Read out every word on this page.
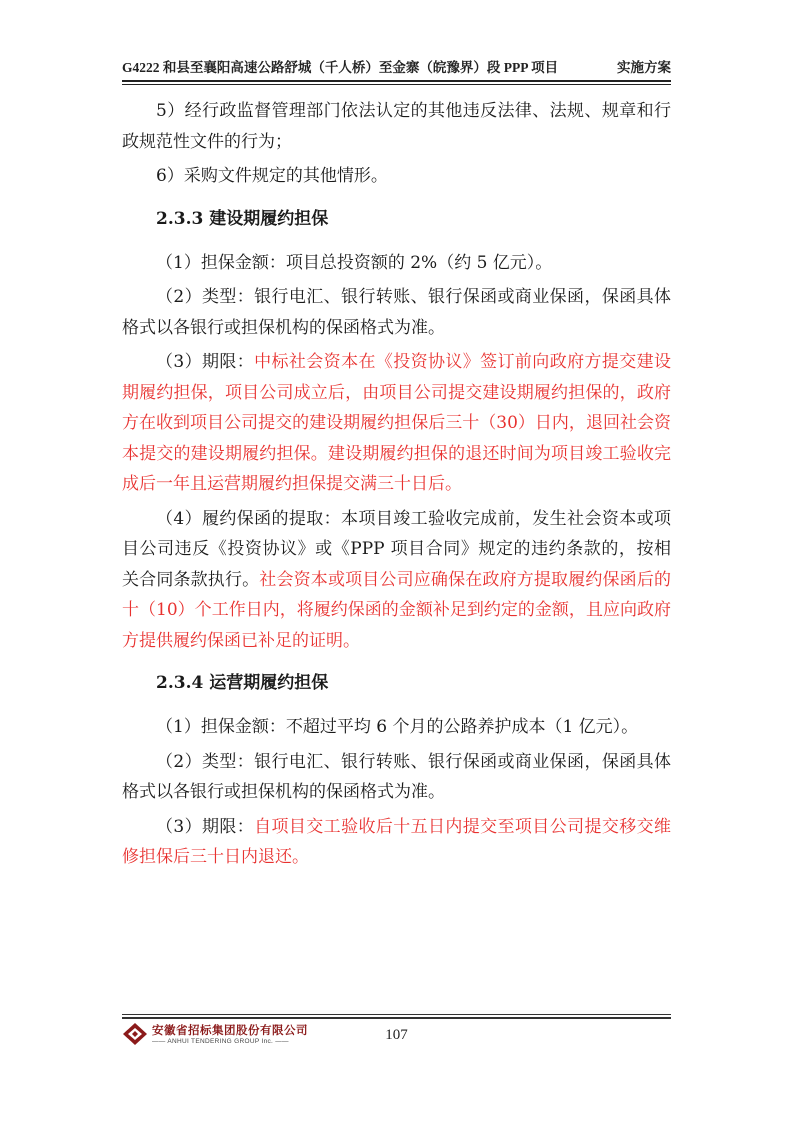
G4222 和县至襄阳高速公路舒城（千人桥）至金寨（皖豫界）段 PPP 项目	实施方案

5）经行政监督管理部门依法认定的其他违反法律、法规、规章和行政规范性文件的行为；

6）采购文件规定的其他情形。

2.3.3 建设期履约担保

（1）担保金额：项目总投资额的 2%（约 5 亿元）。

（2）类型：银行电汇、银行转账、银行保函或商业保函，保函具体格式以各银行或担保机构的保函格式为准。

（3）期限：中标社会资本在《投资协议》签订前向政府方提交建设期履约担保，项目公司成立后，由项目公司提交建设期履约担保的，政府方在收到项目公司提交的建设期履约担保后三十（30）日内，退回社会资本提交的建设期履约担保。建设期履约担保的退还时间为项目竣工验收完成后一年且运营期履约担保提交满三十日后。

（4）履约保函的提取：本项目竣工验收完成前，发生社会资本或项目公司违反《投资协议》或《PPP 项目合同》规定的违约条款的，按相关合同条款执行。社会资本或项目公司应确保在政府方提取履约保函后的十（10）个工作日内，将履约保函的金额补足到约定的金额，且应向政府方提供履约保函已补足的证明。

2.3.4 运营期履约担保

（1）担保金额：不超过平均 6 个月的公路养护成本（1 亿元）。

（2）类型：银行电汇、银行转账、银行保函或商业保函，保函具体格式以各银行或担保机构的保函格式为准。

（3）期限：自项目交工验收后十五日内提交至项目公司提交移交维修担保后三十日内退还。

安徽省招标集团股份有限公司
—— ANHUI TENDERING GROUP Inc. ——	107
